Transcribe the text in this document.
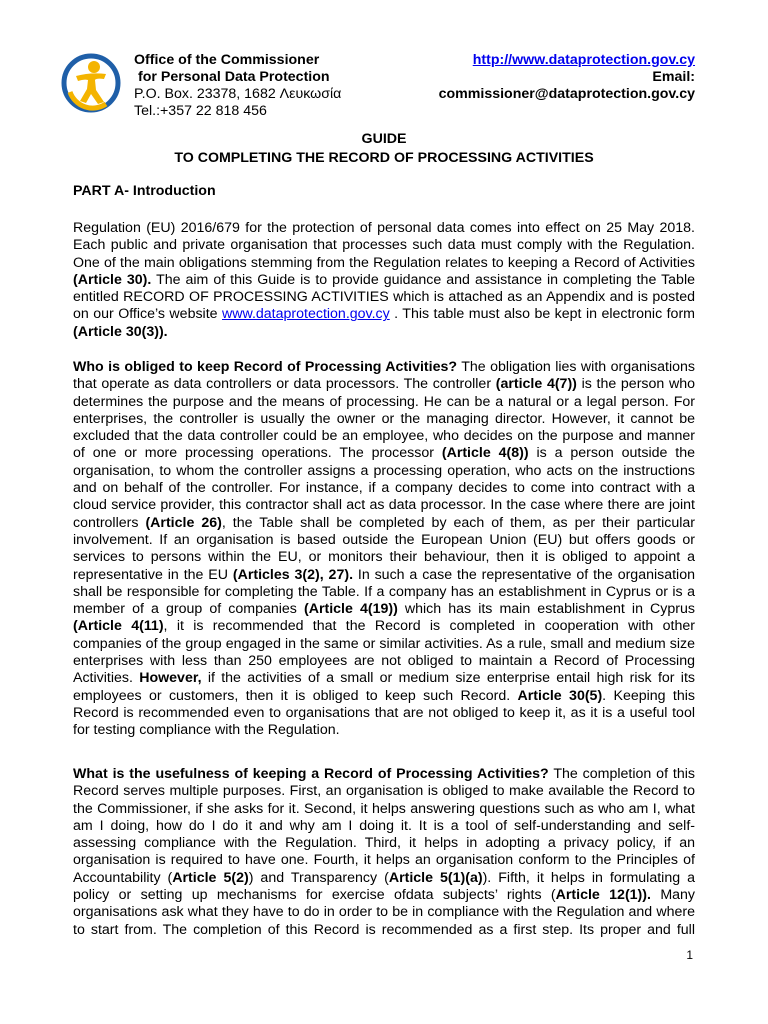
Office of the Commissioner
for Personal Data Protection
P.O. Box. 23378, 1682 Λευκωσία
Tel.:+357 22 818 456
http://www.dataprotection.gov.cy
Email:
commissioner@dataprotection.gov.cy
GUIDE
TO COMPLETING THE RECORD OF PROCESSING ACTIVITIES
PART A- Introduction
Regulation (EU) 2016/679 for the protection of personal data comes into effect on 25 May 2018.
Each public and private organisation that processes such data must comply with the Regulation.
One of the main obligations stemming from the Regulation relates to keeping a Record of Activities
(Article 30). The aim of this Guide is to provide guidance and assistance in completing the Table
entitled RECORD OF PROCESSING ACTIVITIES which is attached as an Appendix and is posted
on our Office’s website www.dataprotection.gov.cy . This table must also be kept in electronic form
(Article 30(3)).
Who is obliged to keep Record of Processing Activities? The obligation lies with organisations
that operate as data controllers or data processors. The controller (article 4(7)) is the person who
determines the purpose and the means of processing. He can be a natural or a legal person. For
enterprises, the controller is usually the owner or the managing director. However, it cannot be
excluded that the data controller could be an employee, who decides on the purpose and manner
of one or more processing operations. The processor (Article 4(8)) is a person outside the
organisation, to whom the controller assigns a processing operation, who acts on the instructions
and on behalf of the controller. For instance, if a company decides to come into contract with a
cloud service provider, this contractor shall act as data processor. In the case where there are joint
controllers (Article 26), the Table shall be completed by each of them, as per their particular
involvement. If an organisation is based outside the European Union (EU) but offers goods or
services to persons within the EU, or monitors their behaviour, then it is obliged to appoint a
representative in the EU (Articles 3(2), 27). In such a case the representative of the organisation
shall be responsible for completing the Table. If a company has an establishment in Cyprus or is a
member of a group of companies (Article 4(19)) which has its main establishment in Cyprus
(Article 4(11), it is recommended that the Record is completed in cooperation with other
companies of the group engaged in the same or similar activities. As a rule, small and medium size
enterprises with less than 250 employees are not obliged to maintain a Record of Processing
Activities. However, if the activities of a small or medium size enterprise entail high risk for its
employees or customers, then it is obliged to keep such Record. Article 30(5). Keeping this
Record is recommended even to organisations that are not obliged to keep it, as it is a useful tool
for testing compliance with the Regulation.
What is the usefulness of keeping a Record of Processing Activities? The completion of this
Record serves multiple purposes. First, an organisation is obliged to make available the Record to
the Commissioner, if she asks for it. Second, it helps answering questions such as who am I, what
am I doing, how do I do it and why am I doing it. It is a tool of self-understanding and self-
assessing compliance with the Regulation. Third, it helps in adopting a privacy policy, if an
organisation is required to have one. Fourth, it helps an organisation conform to the Principles of
Accountability (Article 5(2)) and Transparency (Article 5(1)(a)). Fifth, it helps in formulating a
policy or setting up mechanisms for exercise ofdata subjects’ rights (Article 12(1)). Many
organisations ask what they have to do in order to be in compliance with the Regulation and where
to start from. The completion of this Record is recommended as a first step. Its proper and full
1
